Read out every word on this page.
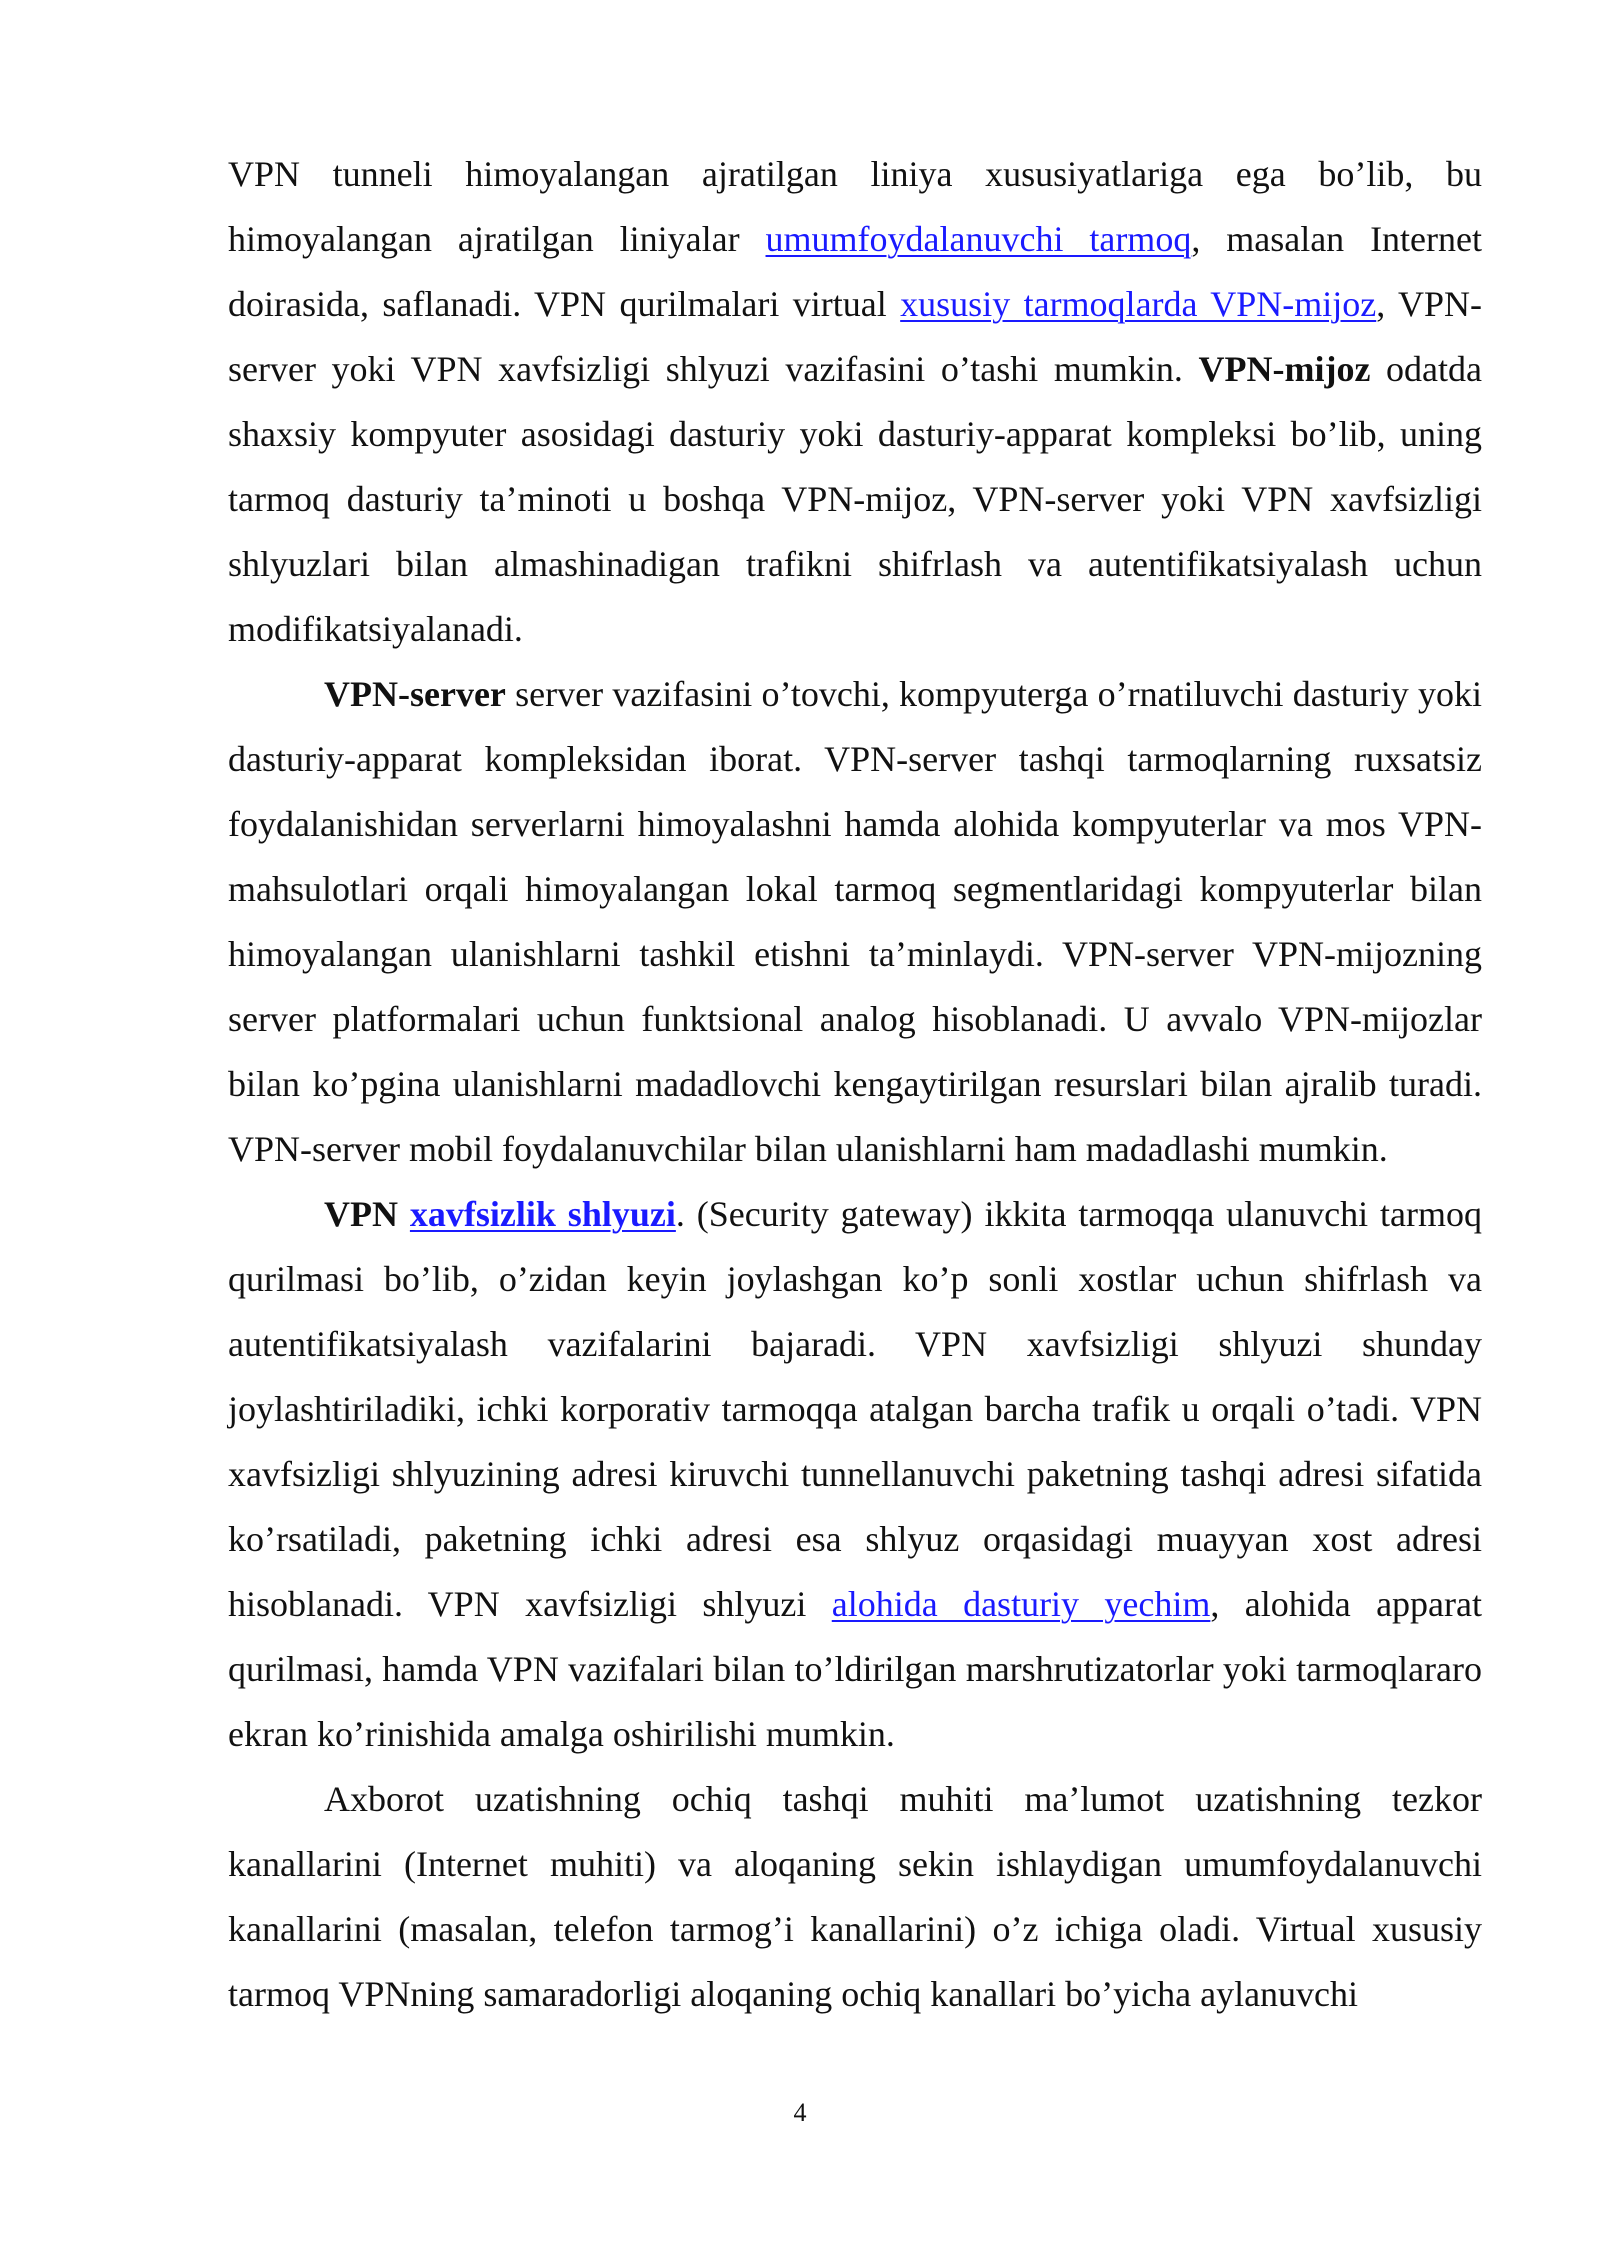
VPN tunneli himoyalangan ajratilgan liniya xususiyatlariga ega bo’lib, bu himoyalangan ajratilgan liniyalar umumfoydalanuvchi tarmoq, masalan Internet doirasida, saflanadi. VPN qurilmalari virtual xususiy tarmoqlarda VPN-mijoz, VPN-server yoki VPN xavfsizligi shlyuzi vazifasini o’tashi mumkin. VPN-mijoz odatda shaxsiy kompyuter asosidagi dasturiy yoki dasturiy-apparat kompleksi bo’lib, uning tarmoq dasturiy ta’minoti u boshqa VPN-mijoz, VPN-server yoki VPN xavfsizligi shlyuzlari bilan almashinadigan trafikni shifrlash va autentifikatsiyalash uchun modifikatsiyalanadi.

VPN-server server vazifasini o’tovchi, kompyuterga o’rnatiluvchi dasturiy yoki dasturiy-apparat kompleksidan iborat. VPN-server tashqi tarmoqlarning ruxsatsiz foydalanishidan serverlarni himoyalashni hamda alohida kompyuterlar va mos VPN-mahsulotlari orqali himoyalangan lokal tarmoq segmentlaridagi kompyuterlar bilan himoyalangan ulanishlarni tashkil etishni ta’minlaydi. VPN-server VPN-mijozning server platformalari uchun funktsional analog hisoblanadi. U avvalo VPN-mijozlar bilan ko’pgina ulanishlarni madadlovchi kengaytirilgan resurslari bilan ajralib turadi. VPN-server mobil foydalanuvchilar bilan ulanishlarni ham madadlashi mumkin.

VPN xavfsizlik shlyuzi. (Security gateway) ikkita tarmoqqa ulanuvchi tarmoq qurilmasi bo’lib, o’zidan keyin joylashgan ko’p sonli xostlar uchun shifrlash va autentifikatsiyalash vazifalarini bajaradi. VPN xavfsizligi shlyuzi shunday joylashtiriladiki, ichki korporativ tarmoqqa atalgan barcha trafik u orqali o’tadi. VPN xavfsizligi shlyuzining adresi kiruvchi tunnellanuvchi paketning tashqi adresi sifatida ko’rsatiladi, paketning ichki adresi esa shlyuz orqasidagi muayyan xost adresi hisoblanadi. VPN xavfsizligi shlyuzi alohida dasturiy yechim, alohida apparat qurilmasi, hamda VPN vazifalari bilan to’ldirilgan marshrutizatorlar yoki tarmoqlararo ekran ko’rinishida amalga oshirilishi mumkin.

Axborot uzatishning ochiq tashqi muhiti ma’lumot uzatishning tezkor kanallarini (Internet muhiti) va aloqaning sekin ishlaydigan umumfoydalanuvchi kanallarini (masalan, telefon tarmog’i kanallarini) o’z ichiga oladi. Virtual xususiy tarmoq VPNning samaradorligi aloqaning ochiq kanallari bo’yicha aylanuvchi

4
